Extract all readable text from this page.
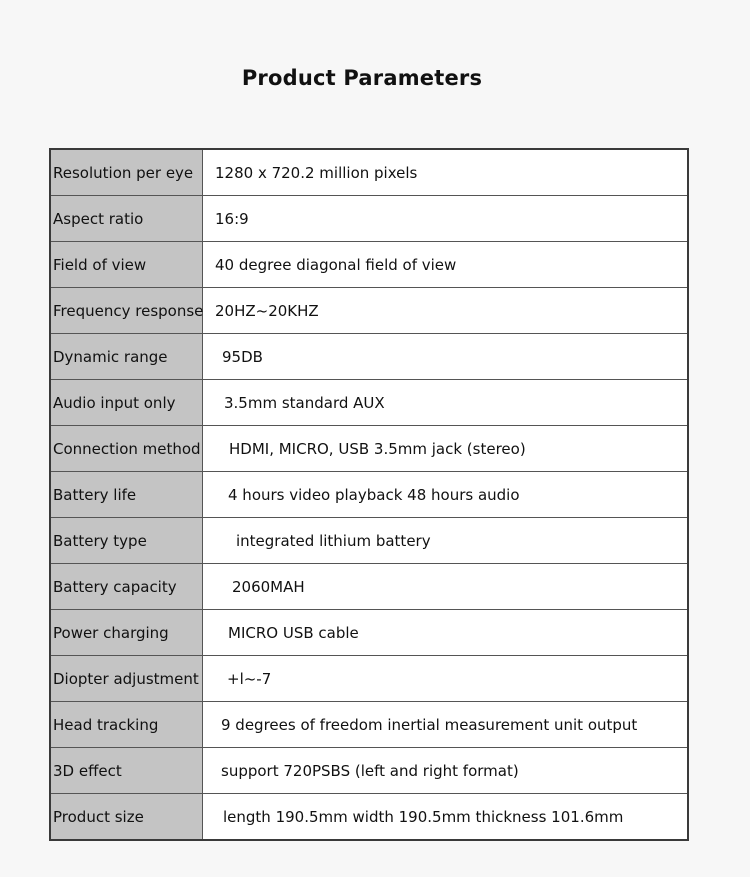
Product Parameters
Resolution per eye	1280 x 720.2 million pixels
Aspect ratio	16:9
Field of view	40 degree diagonal field of view
Frequency response 20HZ~20KHZ
Dynamic range	95DB
Audio input only	3.5mm standard AUX
Connection method	HDMI, MICRO, USB 3.5mm jack (stereo)
Battery life	4 hours video playback 48 hours audio
Battery type	integrated lithium battery
Battery capacity	2060MAH
Power charging	MICRO USB cable
Diopter adjustment	+l~-7
Head tracking	9 degrees of freedom inertial measurement unit output
3D effect	support 720PSBS (left and right format)
Product size	length 190.5mm width 190.5mm thickness 101.6mm
